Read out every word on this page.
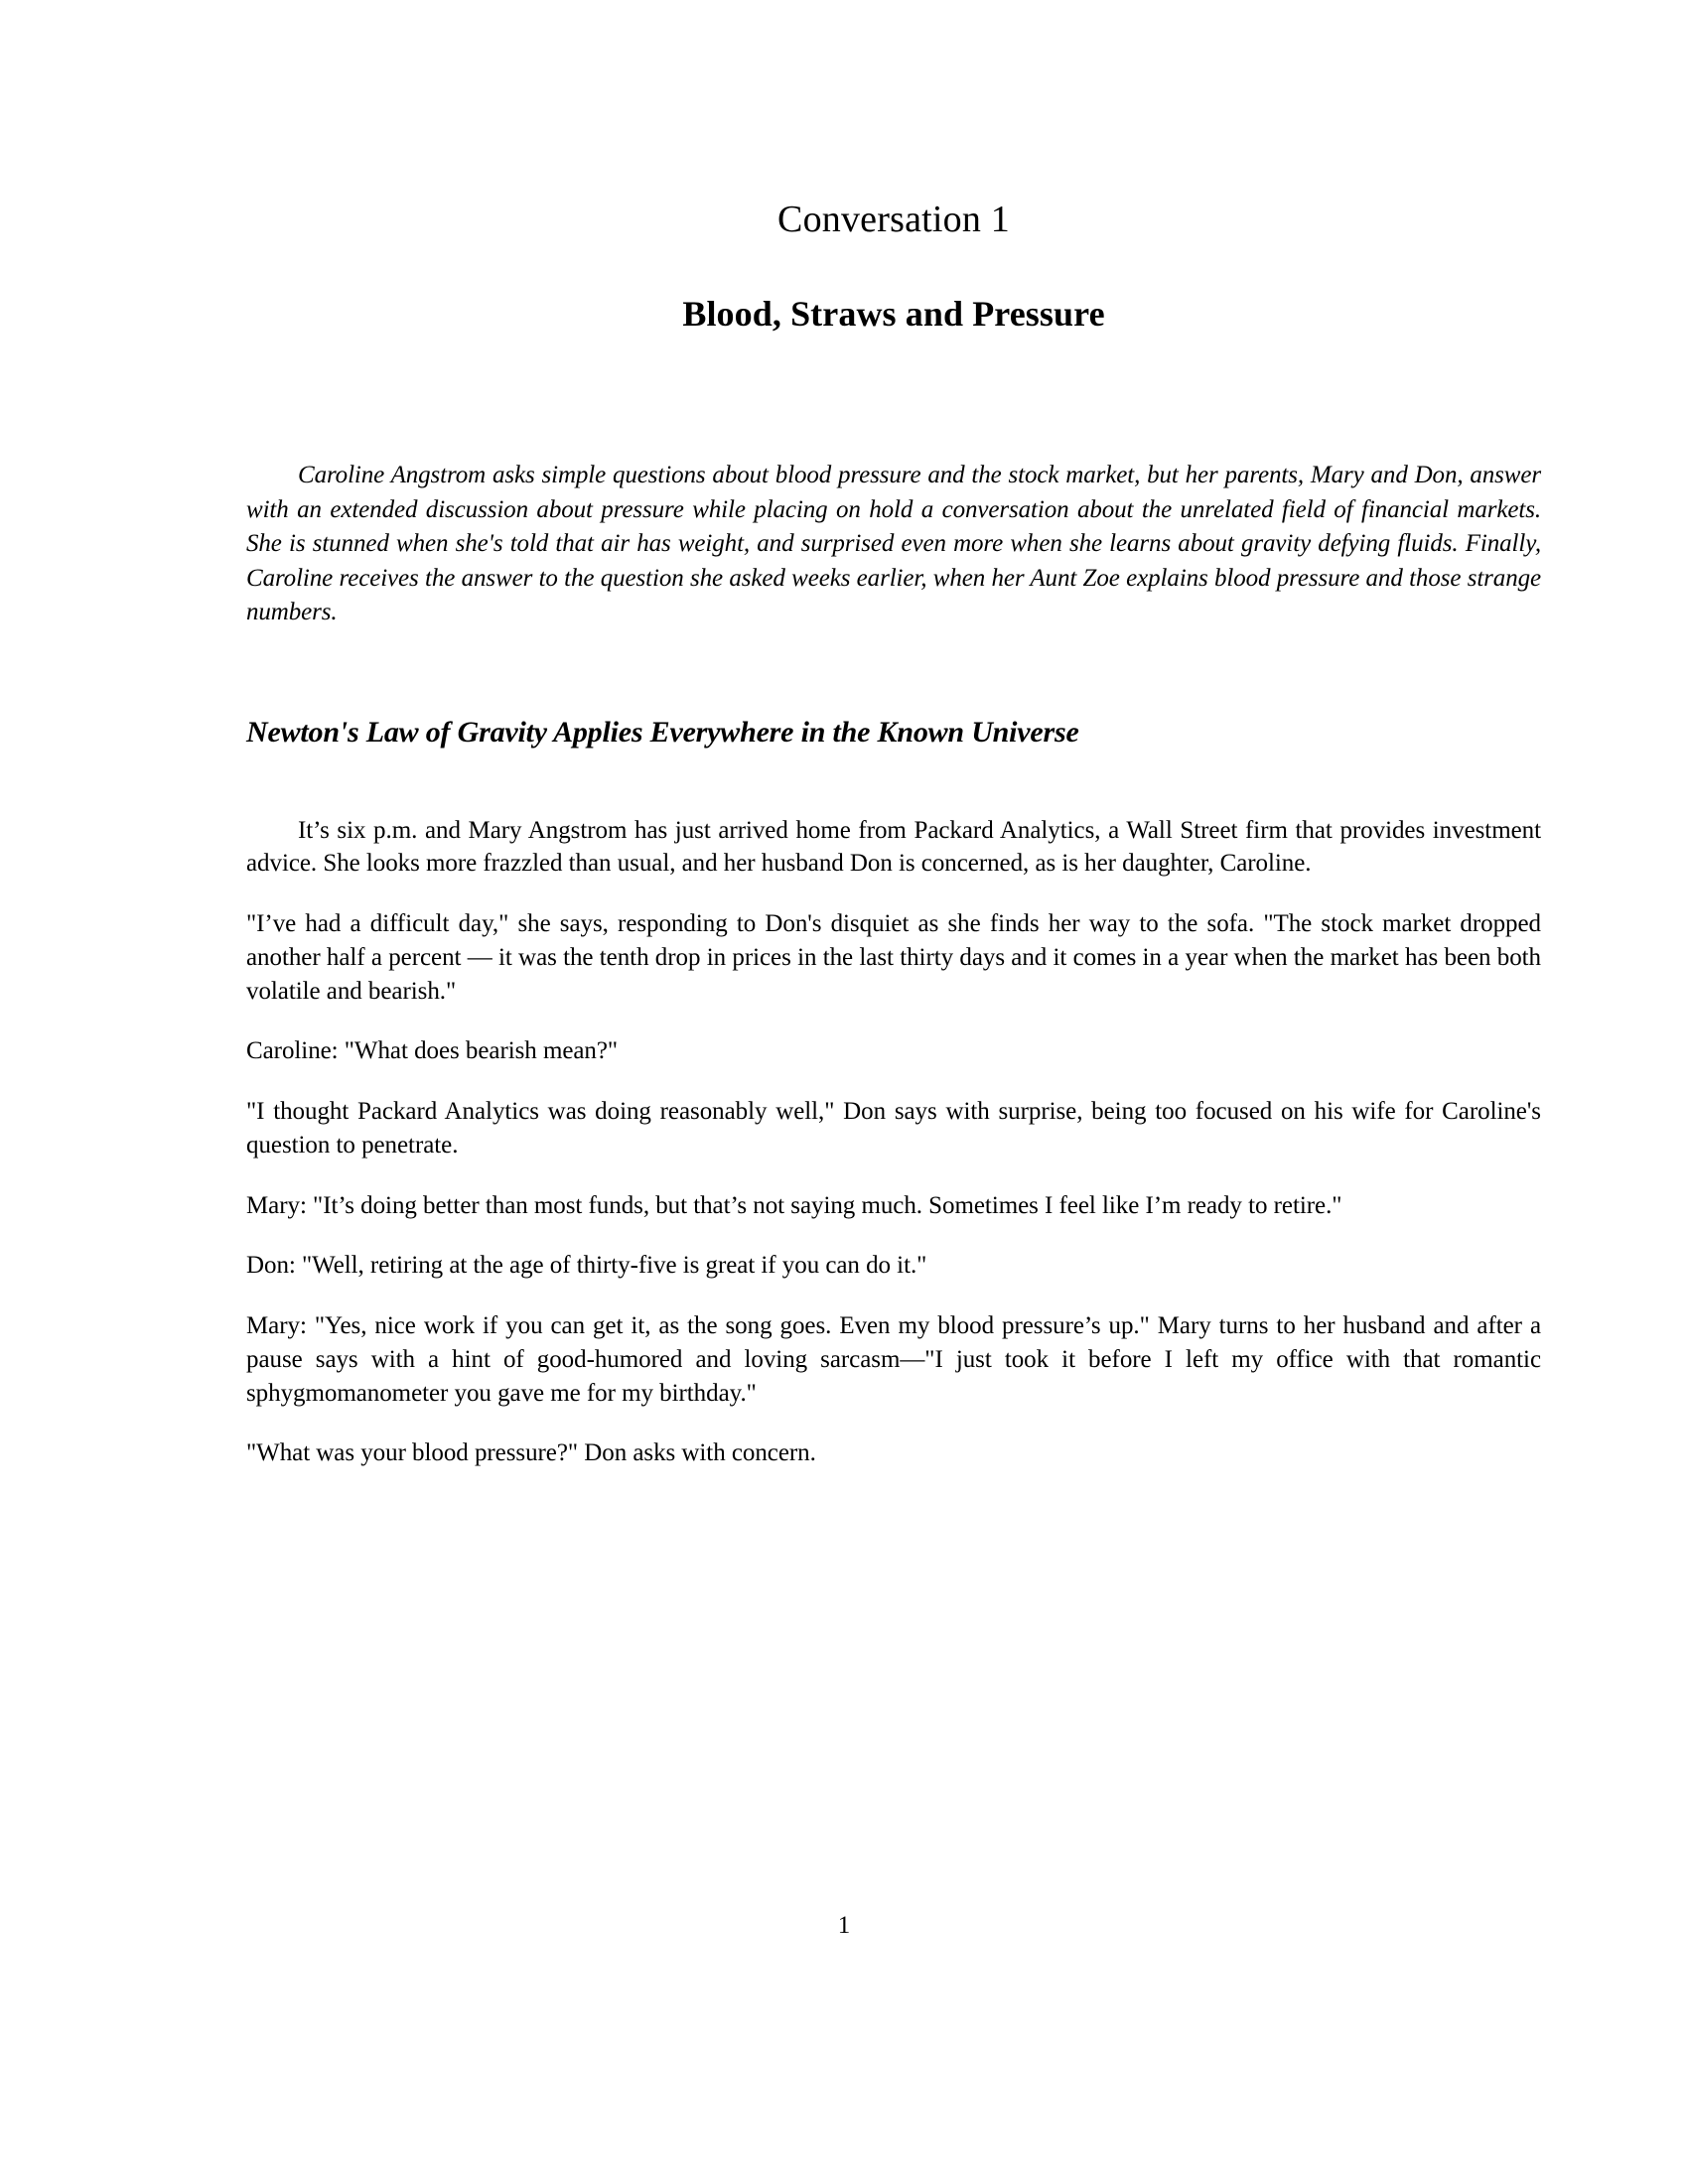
Conversation 1
Blood, Straws and Pressure

Caroline Angstrom asks simple questions about blood pressure and the stock market, but her parents, Mary and Don, answer with an extended discussion about pressure while placing on hold a conversation about the unrelated field of financial markets. She is stunned when she's told that air has weight, and surprised even more when she learns about gravity defying fluids. Finally, Caroline receives the answer to the question she asked weeks earlier, when her Aunt Zoe explains blood pressure and those strange numbers.

Newton's Law of Gravity Applies Everywhere in the Known Universe

It’s six p.m. and Mary Angstrom has just arrived home from Packard Analytics, a Wall Street firm that provides investment advice. She looks more frazzled than usual, and her husband Don is concerned, as is her daughter, Caroline.

"I’ve had a difficult day," she says, responding to Don's disquiet as she finds her way to the sofa. "The stock market dropped another half a percent — it was the tenth drop in prices in the last thirty days and it comes in a year when the market has been both volatile and bearish."

Caroline: "What does bearish mean?"

"I thought Packard Analytics was doing reasonably well," Don says with surprise, being too focused on his wife for Caroline's question to penetrate.

Mary: "It’s doing better than most funds, but that’s not saying much. Sometimes I feel like I’m ready to retire."

Don: "Well, retiring at the age of thirty-five is great if you can do it."

Mary: "Yes, nice work if you can get it, as the song goes. Even my blood pressure’s up." Mary turns to her husband and after a pause says with a hint of good-humored and loving sarcasm—"I just took it before I left my office with that romantic sphygmomanometer you gave me for my birthday."

"What was your blood pressure?" Don asks with concern.

1
